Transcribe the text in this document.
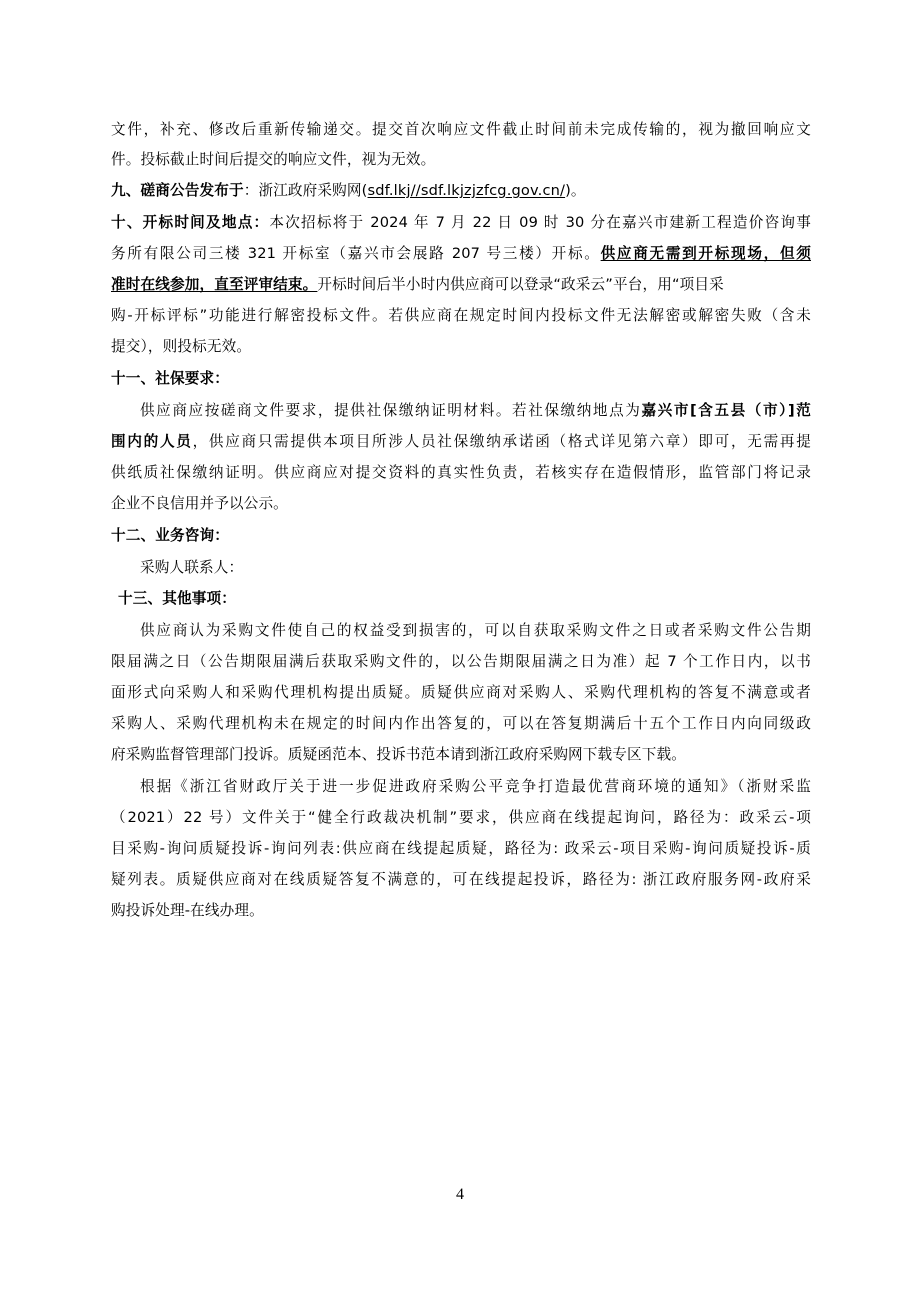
文件，补充、修改后重新传输递交。提交首次响应文件截止时间前未完成传输的，视为撤回响应文
件。投标截止时间后提交的响应文件，视为无效。
九、磋商公告发布于：浙江政府采购网(sdf.lkj//sdf.lkjzjzfcg.gov.cn/)。
十、开标时间及地点：本次招标将于 2024 年 7 月 22 日 09 时 30 分在嘉兴市建新工程造价咨询事
务所有限公司三楼 321 开标室（嘉兴市会展路 207 号三楼）开标。供应商无需到开标现场，但须
准时在线参加，直至评审结束。开标时间后半小时内供应商可以登录“政采云”平台，用“项目采
购-开标评标”功能进行解密投标文件。若供应商在规定时间内投标文件无法解密或解密失败（含未
提交），则投标无效。
十一、社保要求：
供应商应按磋商文件要求，提供社保缴纳证明材料。若社保缴纳地点为嘉兴市[含五县（市）]范
围内的人员，供应商只需提供本项目所涉人员社保缴纳承诺函（格式详见第六章）即可，无需再提
供纸质社保缴纳证明。供应商应对提交资料的真实性负责，若核实存在造假情形，监管部门将记录
企业不良信用并予以公示。
十二、业务咨询：
采购人联系人：
十三、其他事项：
供应商认为采购文件使自己的权益受到损害的，可以自获取采购文件之日或者采购文件公告期
限届满之日（公告期限届满后获取采购文件的，以公告期限届满之日为准）起 7 个工作日内，以书
面形式向采购人和采购代理机构提出质疑。质疑供应商对采购人、采购代理机构的答复不满意或者
采购人、采购代理机构未在规定的时间内作出答复的，可以在答复期满后十五个工作日内向同级政
府采购监督管理部门投诉。质疑函范本、投诉书范本请到浙江政府采购网下载专区下载。
根据《浙江省财政厅关于进一步促进政府采购公平竞争打造最优营商环境的通知》（浙财采监
（2021）22 号）文件关于“健全行政裁决机制”要求，供应商在线提起询问，路径为：政采云-项
目采购-询问质疑投诉-询问列表:供应商在线提起质疑，路径为: 政采云-项目采购-询问质疑投诉-质
疑列表。质疑供应商对在线质疑答复不满意的，可在线提起投诉，路径为: 浙江政府服务网-政府采
购投诉处理-在线办理。
4
